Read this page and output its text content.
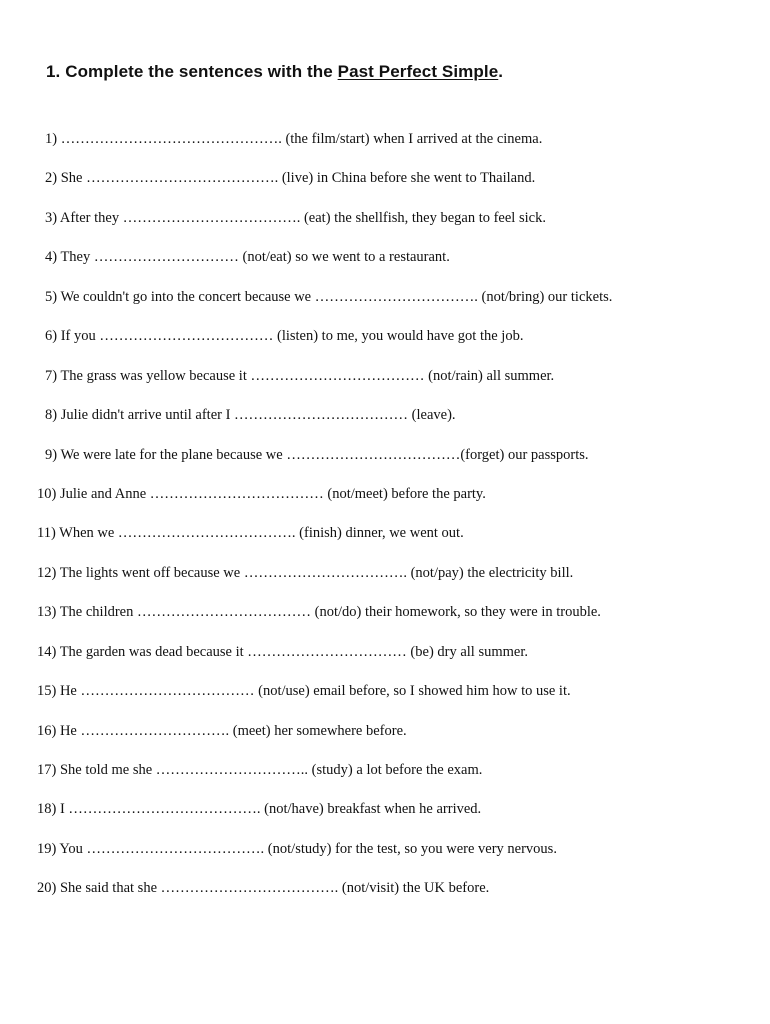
1. Complete the sentences with the Past Perfect Simple.
1) ………………………………………. (the film/start) when I arrived at the cinema.
2) She …………………………………. (live) in China before she went to Thailand.
3) After they ………………………………. (eat) the shellfish, they began to feel sick.
4) They ………………………… (not/eat) so we went to a restaurant.
5) We couldn't go into the concert because we ……………………………. (not/bring) our tickets.
6) If you ……………………………… (listen) to me, you would have got the job.
7) The grass was yellow because it ……………………………… (not/rain) all summer.
8) Julie didn't arrive until after I ……………………………… (leave).
9) We were late for the plane because we ………………………………(forget) our passports.
10) Julie and Anne ……………………………… (not/meet) before the party.
11) When we ………………………………. (finish) dinner, we went out.
12) The lights went off because we ……………………………. (not/pay) the electricity bill.
13) The children ……………………………… (not/do) their homework, so they were in trouble.
14) The garden was dead because it …………………………… (be) dry all summer.
15) He ……………………………… (not/use) email before, so I showed him how to use it.
16) He …………………………. (meet) her somewhere before.
17) She told me she ………………………….. (study) a lot before the exam.
18) I …………………………………. (not/have) breakfast when he arrived.
19) You ………………………………. (not/study) for the test, so you were very nervous.
20) She said that she ………………………………. (not/visit) the UK before.
